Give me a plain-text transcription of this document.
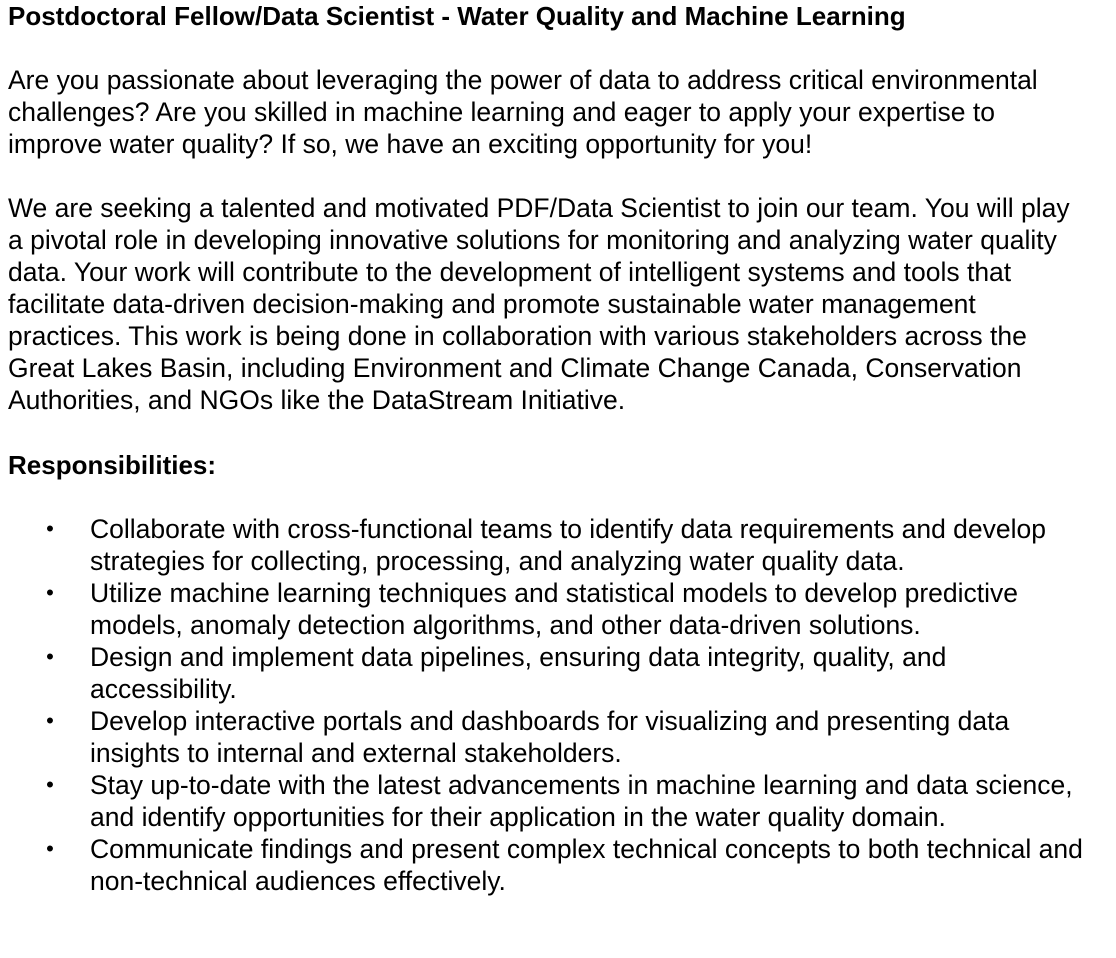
Postdoctoral Fellow/Data Scientist - Water Quality and Machine Learning

Are you passionate about leveraging the power of data to address critical environmental challenges? Are you skilled in machine learning and eager to apply your expertise to improve water quality? If so, we have an exciting opportunity for you!

We are seeking a talented and motivated PDF/Data Scientist to join our team. You will play a pivotal role in developing innovative solutions for monitoring and analyzing water quality data. Your work will contribute to the development of intelligent systems and tools that facilitate data-driven decision-making and promote sustainable water management practices. This work is being done in collaboration with various stakeholders across the Great Lakes Basin, including Environment and Climate Change Canada, Conservation Authorities, and NGOs like the DataStream Initiative.

Responsibilities:
• Collaborate with cross-functional teams to identify data requirements and develop strategies for collecting, processing, and analyzing water quality data.
• Utilize machine learning techniques and statistical models to develop predictive models, anomaly detection algorithms, and other data-driven solutions.
• Design and implement data pipelines, ensuring data integrity, quality, and accessibility.
• Develop interactive portals and dashboards for visualizing and presenting data insights to internal and external stakeholders.
• Stay up-to-date with the latest advancements in machine learning and data science, and identify opportunities for their application in the water quality domain.
• Communicate findings and present complex technical concepts to both technical and non-technical audiences effectively.
